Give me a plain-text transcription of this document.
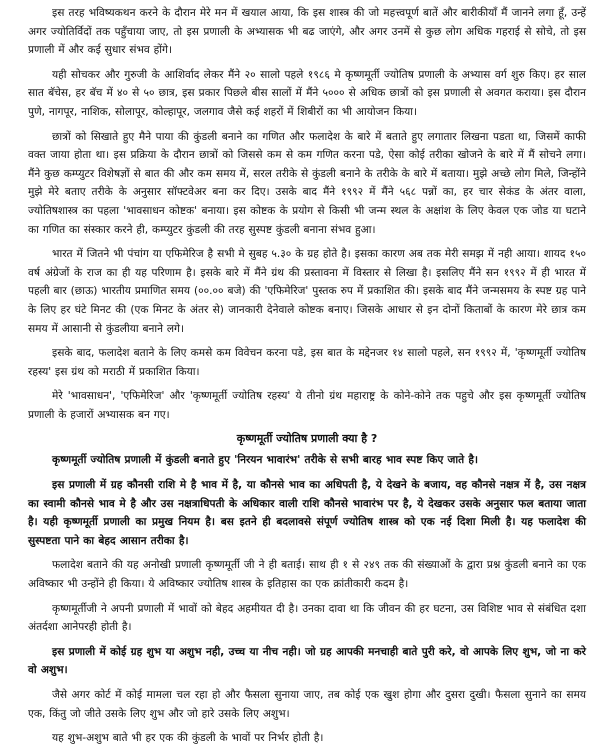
इस तरह भविष्यकथन करने के दौरान मेरे मन में खयाल आया, कि इस शास्त्र की जो महत्त्वपूर्ण बातें और बारीकीयाँ मैं जानने लगा हूँ, उन्हें अगर ज्योतिर्विदों तक पहुँचाया जाए, तो इस प्रणाली के अभ्यासक भी बढ जाएंगे, और अगर उनमें से कुछ लोग अधिक गहराई से सोचे, तो इस प्रणाली में और कई सुधार संभव होंगे।

यही सोचकर और गुरुजी के आशिर्वाद लेकर मैंने २० सालो पहले १९८६ मे कृष्णमूर्ती ज्योतिष प्रणाली के अभ्यास वर्ग शुरु किए। हर साल सात बॅचेस, हर बॅच में ४० से ५० छात्र, इस प्रकार पिछले बीस सालों में मैंने ५००० से अधिक छात्रों को इस प्रणाली से अवगत कराया। इस दौरान पुणे, नागपूर, नाशिक, सोलापूर, कोल्हापूर, जलगाव जैसे कई शहरों में शिबीरों का भी आयोजन किया।

छात्रों को सिखाते हुए मैने पाया की कुंडली बनाने का गणित और फलादेश के बारे में बताते हुए लगातार लिखना पडता था, जिसमें काफी वक्त जाया होता था। इस प्रक्रिया के दौरान छात्रों को जिससे कम से कम गणित करना पडे, ऐसा कोई तरीका खोजने के बारे में मैं सोचने लगा। मैंने कुछ कम्प्युटर विशेषज्ञों से बात की और कम समय में, सरल तरीके से कुंडली बनाने के तरीके के बारे में बताया। मुझे अच्छे लोग मिले, जिन्होंने मुझे मेरे बताए तरीके के अनुसार सॉफ्टवेअर बना कर दिए। उसके बाद मैंने १९९२ में मैंने ५६८ पन्नों का, हर चार सेकंड के अंतर वाला, ज्योतिषशास्त्र का पहला 'भावसाधन कोष्टक' बनाया। इस कोष्टक के प्रयोग से किसी भी जन्म स्थल के अक्षांश के लिए केवल एक जोड या घटाने का गणित का संस्कार करने ही, कम्प्युटर कुंडली की तरह सुस्पष्ट कुंडली बनाना संभव हुआ।

भारत में जितने भी पंचांग या एफिमेरिज है सभी मे सुबह ५.३० के ग्रह होते है। इसका कारण अब तक मेरी समझ में नही आया। शायद १५० वर्ष अंग्रेजों के राज का ही यह परिणाम है। इसके बारे में मैंने ग्रंथ की प्रस्तावना में विस्तार से लिखा है। इसलिए मैंने सन १९९२ में ही भारत में पहली बार (छाऊ) भारतीय प्रमाणित समय (००.०० बजे) की 'एफिमेरिज' पुस्तक रुप में प्रकाशित की। इसके बाद मैंने जन्मसमय के स्पष्ट ग्रह पाने के लिए हर घंटे मिनट की (एक मिनट के अंतर से) जानकारी देनेवाले कोष्टक बनाए। जिसके आधार से इन दोनों किताबों के कारण मेरे छात्र कम समय में आसानी से कुंडलीया बनाने लगे।

इसके बाद, फलादेश बताने के लिए कमसे कम विवेचन करना पडे, इस बात के मद्देनजर १४ सालो पहले, सन १९९२ में, 'कृष्णमूर्ती ज्योतिष रहस्य' इस ग्रंथ को मराठी में प्रकाशित किया।

मेरे 'भावसाधन', 'एफिमेरिज' और 'कृष्णमूर्ती ज्योतिष रहस्य' ये तीनो ग्रंथ महाराष्ट्र के कोने-कोने तक पहुचे और इस कृष्णमूर्ती ज्योतिष प्रणाली के हजारों अभ्यासक बन गए।

कृष्णमूर्ती ज्योतिष प्रणाली क्या है ?

कृष्णमूर्ती ज्योतिष प्रणाली में कुंडली बनाते हुए 'निरयन भावारंभ' तरीके से सभी बारह भाव स्पष्ट किए जाते है।

इस प्रणाली में ग्रह कौनसी राशि मे है भाव में है, या कौनसे भाव का अधिपती है, ये देखने के बजाय, वह कौनसे नक्षत्र में है, उस नक्षत्र का स्वामी कौनसे भाव मे है और उस नक्षत्राधिपती के अधिकार वाली राशि कौनसे भावारंभ पर है, ये देखकर उसके अनुसार फल बताया जाता है। यही कृष्णमूर्ती प्रणाली का प्रमुख नियम है। बस इतने ही बदलावसे संपूर्ण ज्योतिष शास्त्र को एक नई दिशा मिली है। यह फलादेश की सुस्पष्टता पाने का बेहद आसान तरीका है।

फलादेश बताने की यह अनोखी प्रणाली कृष्णमूर्ती जी ने ही बताई। साथ ही १ से २४९ तक की संख्याओं के द्वारा प्रश्न कुंडली बनाने का एक अविष्कार भी उन्होंने ही किया। ये अविष्कार ज्योतिष शास्त्र के इतिहास का एक क्रांतीकारी कदम है।

कृष्णमूर्तीजी ने अपनी प्रणाली में भावों को बेहद अहमीयत दी है। उनका दावा था कि जीवन की हर घटना, उस विशिष्ट भाव से संबंधित दशा अंतर्दशा आनेपरही होती है।

इस प्रणाली में कोई ग्रह शुभ या अशुभ नही, उच्च या नीच नही। जो ग्रह आपकी मनचाही बाते पुरी करे, वो आपके लिए शुभ, जो ना करे वो अशुभ।

जैसे अगर कोर्ट में कोई मामला चल रहा हो और फैसला सुनाया जाए, तब कोई एक खुश होगा और दुसरा दुखी। फैसला सुनाने का समय एक, किंतु जो जीते उसके लिए शुभ और जो हारे उसके लिए अशुभ।

यह शुभ-अशुभ बाते भी हर एक की कुंडली के भावों पर निर्भर होती है।
